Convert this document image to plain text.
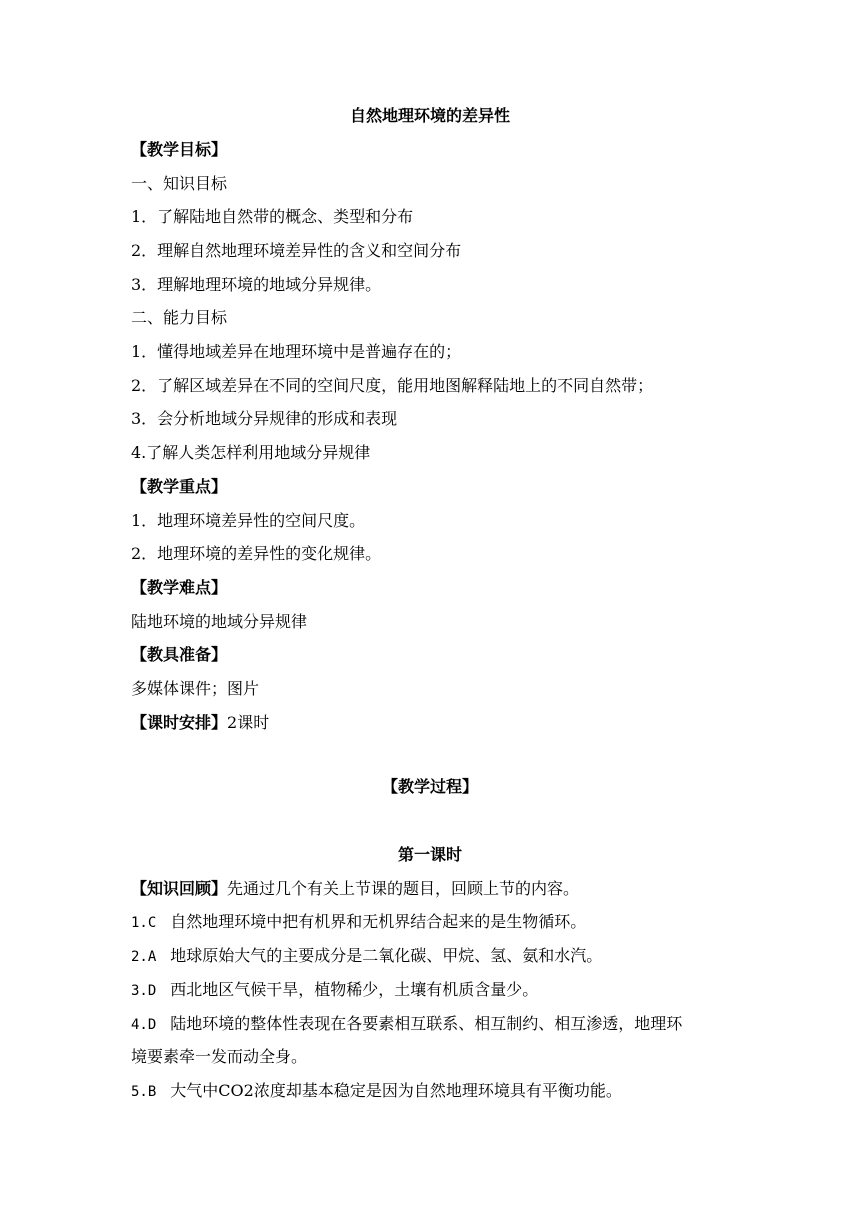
自然地理环境的差异性
【教学目标】
一、知识目标
1．了解陆地自然带的概念、类型和分布
2．理解自然地理环境差异性的含义和空间分布
3．理解地理环境的地域分异规律。
二、能力目标
1．懂得地域差异在地理环境中是普遍存在的；
2．了解区域差异在不同的空间尺度，能用地图解释陆地上的不同自然带；
3．会分析地域分异规律的形成和表现
4.了解人类怎样利用地域分异规律
【教学重点】
1．地理环境差异性的空间尺度。
2．地理环境的差异性的变化规律。
【教学难点】
陆地环境的地域分异规律
【教具准备】
多媒体课件；图片
【课时安排】2课时
【教学过程】
第一课时
【知识回顾】先通过几个有关上节课的题目，回顾上节的内容。
1.C 自然地理环境中把有机界和无机界结合起来的是生物循环。
2.A 地球原始大气的主要成分是二氧化碳、甲烷、氢、氨和水汽。
3.D 西北地区气候干旱，植物稀少，土壤有机质含量少。
4.D 陆地环境的整体性表现在各要素相互联系、相互制约、相互渗透，地理环
境要素牵一发而动全身。
5.B 大气中CO2浓度却基本稳定是因为自然地理环境具有平衡功能。
